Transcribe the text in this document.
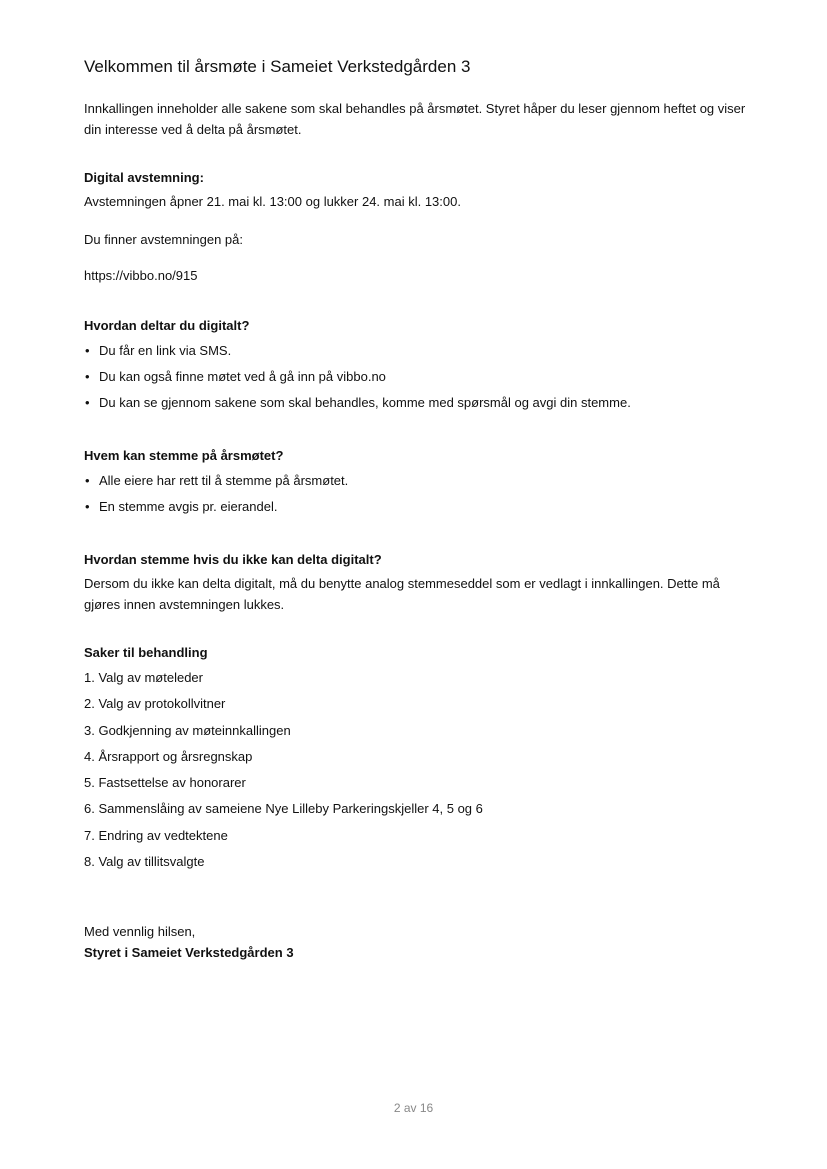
Velkommen til årsmøte i Sameiet Verkstedgården 3

Innkallingen inneholder alle sakene som skal behandles på årsmøtet. Styret håper du leser gjennom heftet og viser din interesse ved å delta på årsmøtet.

Digital avstemning:

Avstemningen åpner 21. mai kl. 13:00 og lukker 24. mai kl. 13:00.

Du finner avstemningen på:

https://vibbo.no/915

Hvordan deltar du digitalt?

• Du får en link via SMS.
• Du kan også finne møtet ved å gå inn på vibbo.no
• Du kan se gjennom sakene som skal behandles, komme med spørsmål og avgi din stemme.

Hvem kan stemme på årsmøtet?

• Alle eiere har rett til å stemme på årsmøtet.
• En stemme avgis pr. eierandel.

Hvordan stemme hvis du ikke kan delta digitalt?

Dersom du ikke kan delta digitalt, må du benytte analog stemmeseddel som er vedlagt i innkallingen. Dette må gjøres innen avstemningen lukkes.

Saker til behandling

1. Valg av møteleder
2. Valg av protokollvitner
3. Godkjenning av møteinnkallingen
4. Årsrapport og årsregnskap
5. Fastsettelse av honorarer
6. Sammenslåing av sameiene Nye Lilleby Parkeringskjeller 4, 5 og 6
7. Endring av vedtektene
8. Valg av tillitsvalgte

Med vennlig hilsen,

Styret i Sameiet Verkstedgården 3

2 av 16
